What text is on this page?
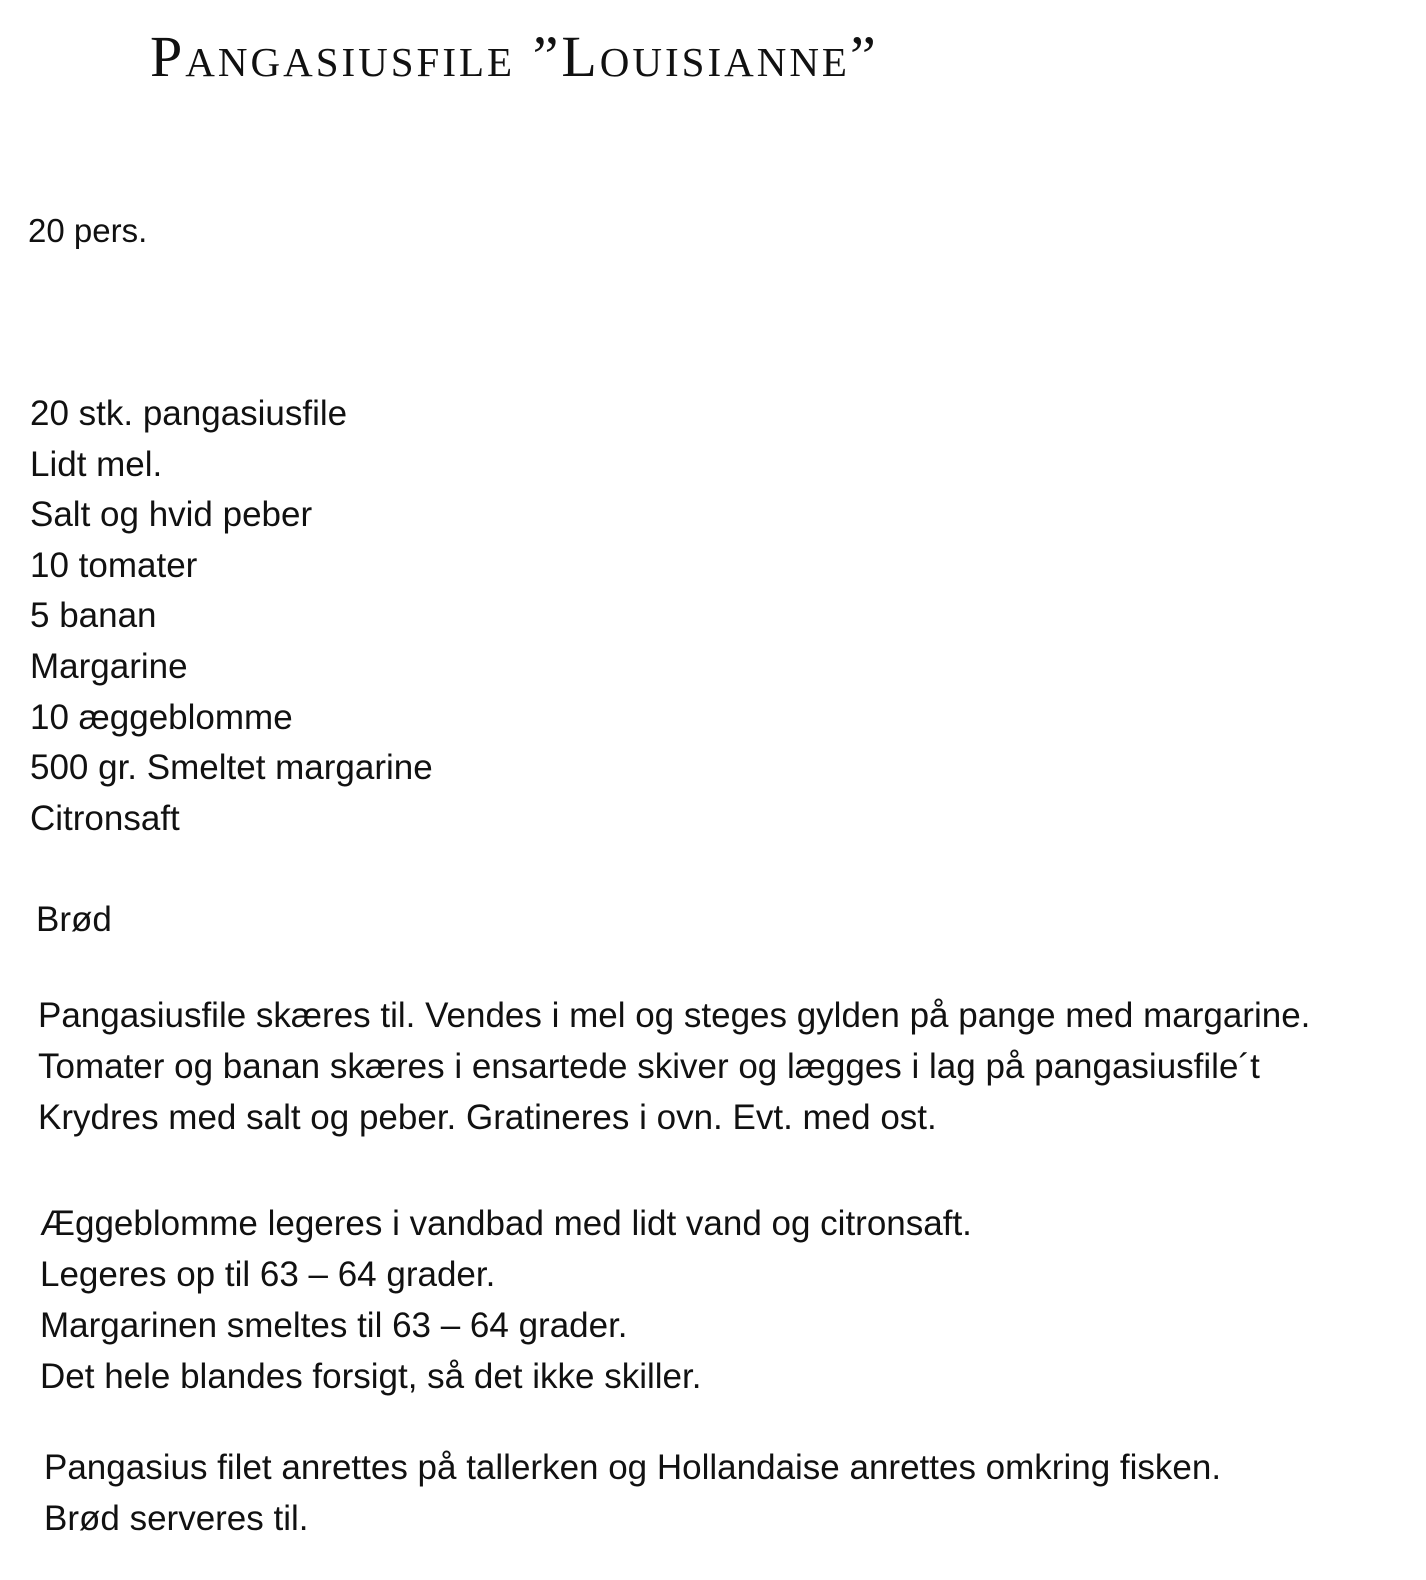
Pangasiusfile ”Louisianne”

20 pers.

20 stk. pangasiusfile
Lidt mel.
Salt og hvid peber
10 tomater
5 banan
Margarine
10 æggeblomme
500 gr. Smeltet margarine
Citronsaft

Brød

Pangasiusfile skæres til. Vendes i mel og steges gylden på pange med margarine.
Tomater og banan skæres i ensartede skiver og lægges i lag på pangasiusfile´t
Krydres med salt og peber. Gratineres i ovn. Evt. med ost.
Æggeblomme legeres i vandbad med lidt vand og citronsaft.
Legeres op til 63 – 64 grader.
Margarinen smeltes til 63 – 64 grader.
Det hele blandes forsigt, så det ikke skiller.
Pangasius filet anrettes på tallerken og Hollandaise anrettes omkring fisken.
Brød serveres til.
